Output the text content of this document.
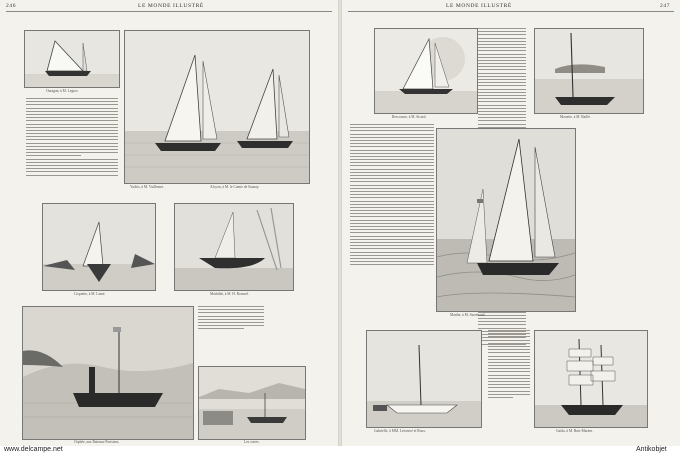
246	LE MONDE ILLUSTRÉ
Ouragan, à M. Legros.
Yachts, à M. Vuillemet.	Alcyon, à M. le Comte de Sauzay.
Coquette, à M. Lamé.	Mathilde, à M. H. Roussel.
Orphée, aux Bateaux-Parisiens.	Les cotres.
LE MONDE ILLUSTRÉ	247
Rescousse, à M. Sicard.	Mouette, à M. Baillé.
Marthe, à M. Surrénaud.
Gabrielle, à MM. Letrouvé et Roux.	Gaïda, à M. Buis-Marien.
www.delcampe.net	Antikobjet
